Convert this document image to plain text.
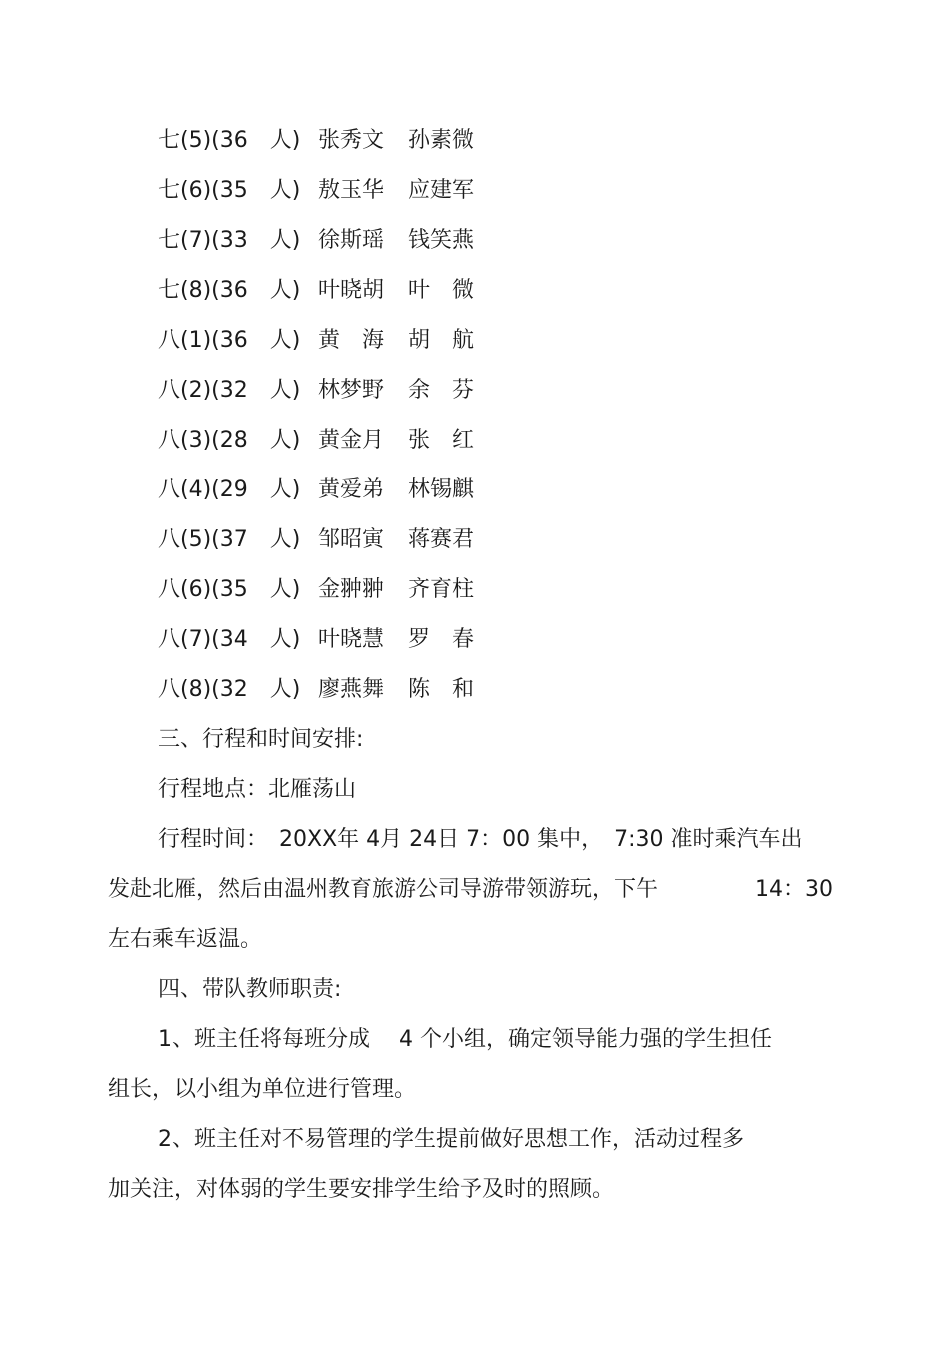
七(5)(36　人) 张秀文	孙素微
七(6)(35　人) 敖玉华	应建军
七(7)(33　人) 徐斯瑶	钱笑燕
七(8)(36　人) 叶晓胡	叶　微
八(1)(36　人) 黄　海	胡　航
八(2)(32　人) 林梦野	余　芬
八(3)(28　人) 黄金月	张　红
八(4)(29　人) 黄爱弟	林锡麒
八(5)(37　人) 邹昭寅	蒋赛君
八(6)(35　人) 金翀翀	齐育柱
八(7)(34　人) 叶晓慧	罗　春
八(8)(32　人) 廖燕舞	陈　和
三、行程和时间安排:
行程地点：北雁荡山
行程时间：　20XX年 4月 24日 7：00 集中，　7:30 准时乘汽车出
发赴北雁，然后由温州教育旅游公司导游带领游玩，下午	14：30
左右乘车返温。
四、带队教师职责:
1、班主任将每班分成　 4 个小组，确定领导能力强的学生担任
组长，以小组为单位进行管理。
2、班主任对不易管理的学生提前做好思想工作，活动过程多
加关注，对体弱的学生要安排学生给予及时的照顾。
